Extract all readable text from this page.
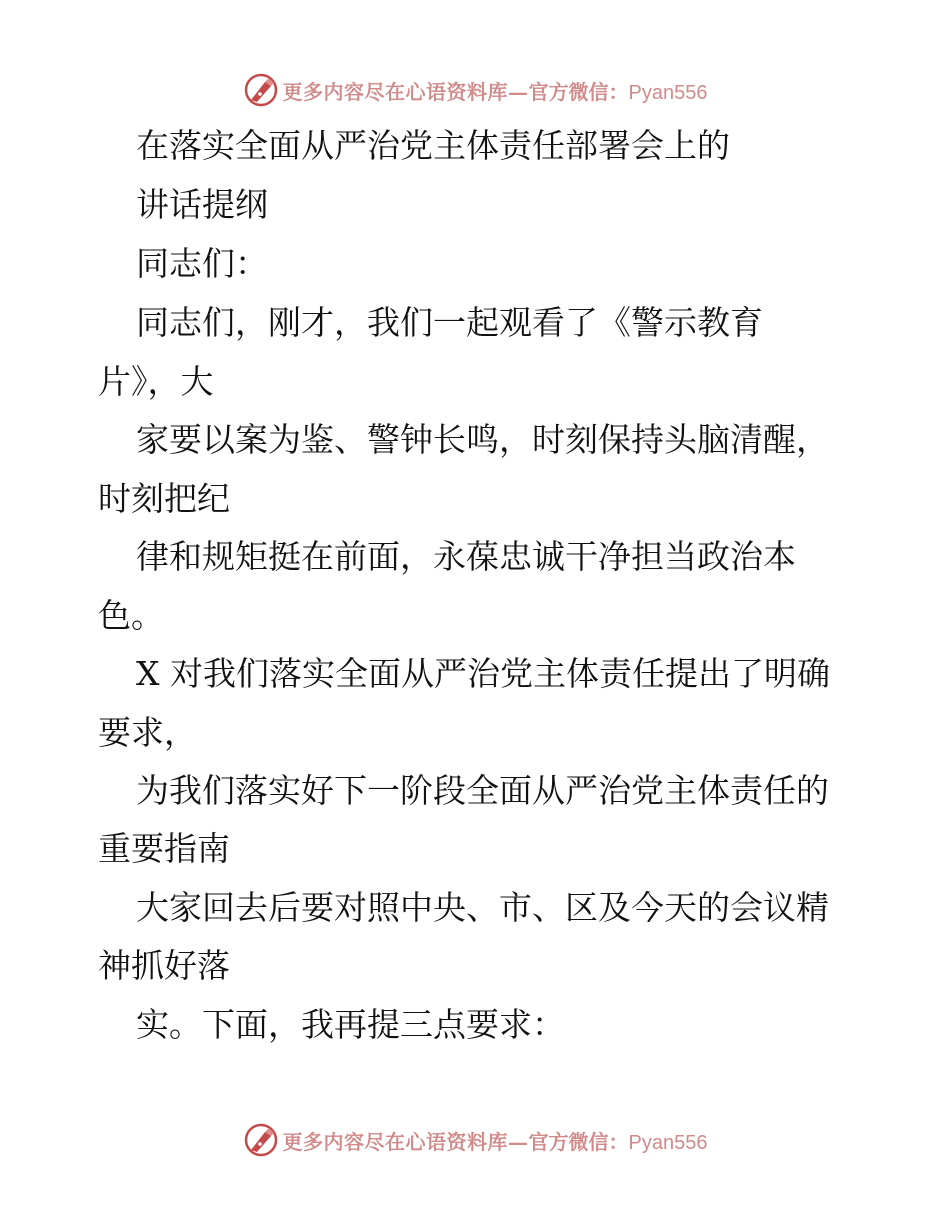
更多内容尽在心语资料库— 官方微信：Pyan556
在落实全面从严治党主体责任部署会上的
讲话提纲
同志们：
同志们，刚才，我们一起观看了《警示教育
片》，大
家要以案为鉴、警钟长鸣，时刻保持头脑清醒，
时刻把纪
律和规矩挺在前面，永葆忠诚干净担当政治本
色。
X 对我们落实全面从严治党主体责任提出了明确
要求，
为我们落实好下一阶段全面从严治党主体责任的
重要指南
大家回去后要对照中央、市、区及今天的会议精
神抓好落
实。下面，我再提三点要求：
更多内容尽在心语资料库— 官方微信：Pyan556
